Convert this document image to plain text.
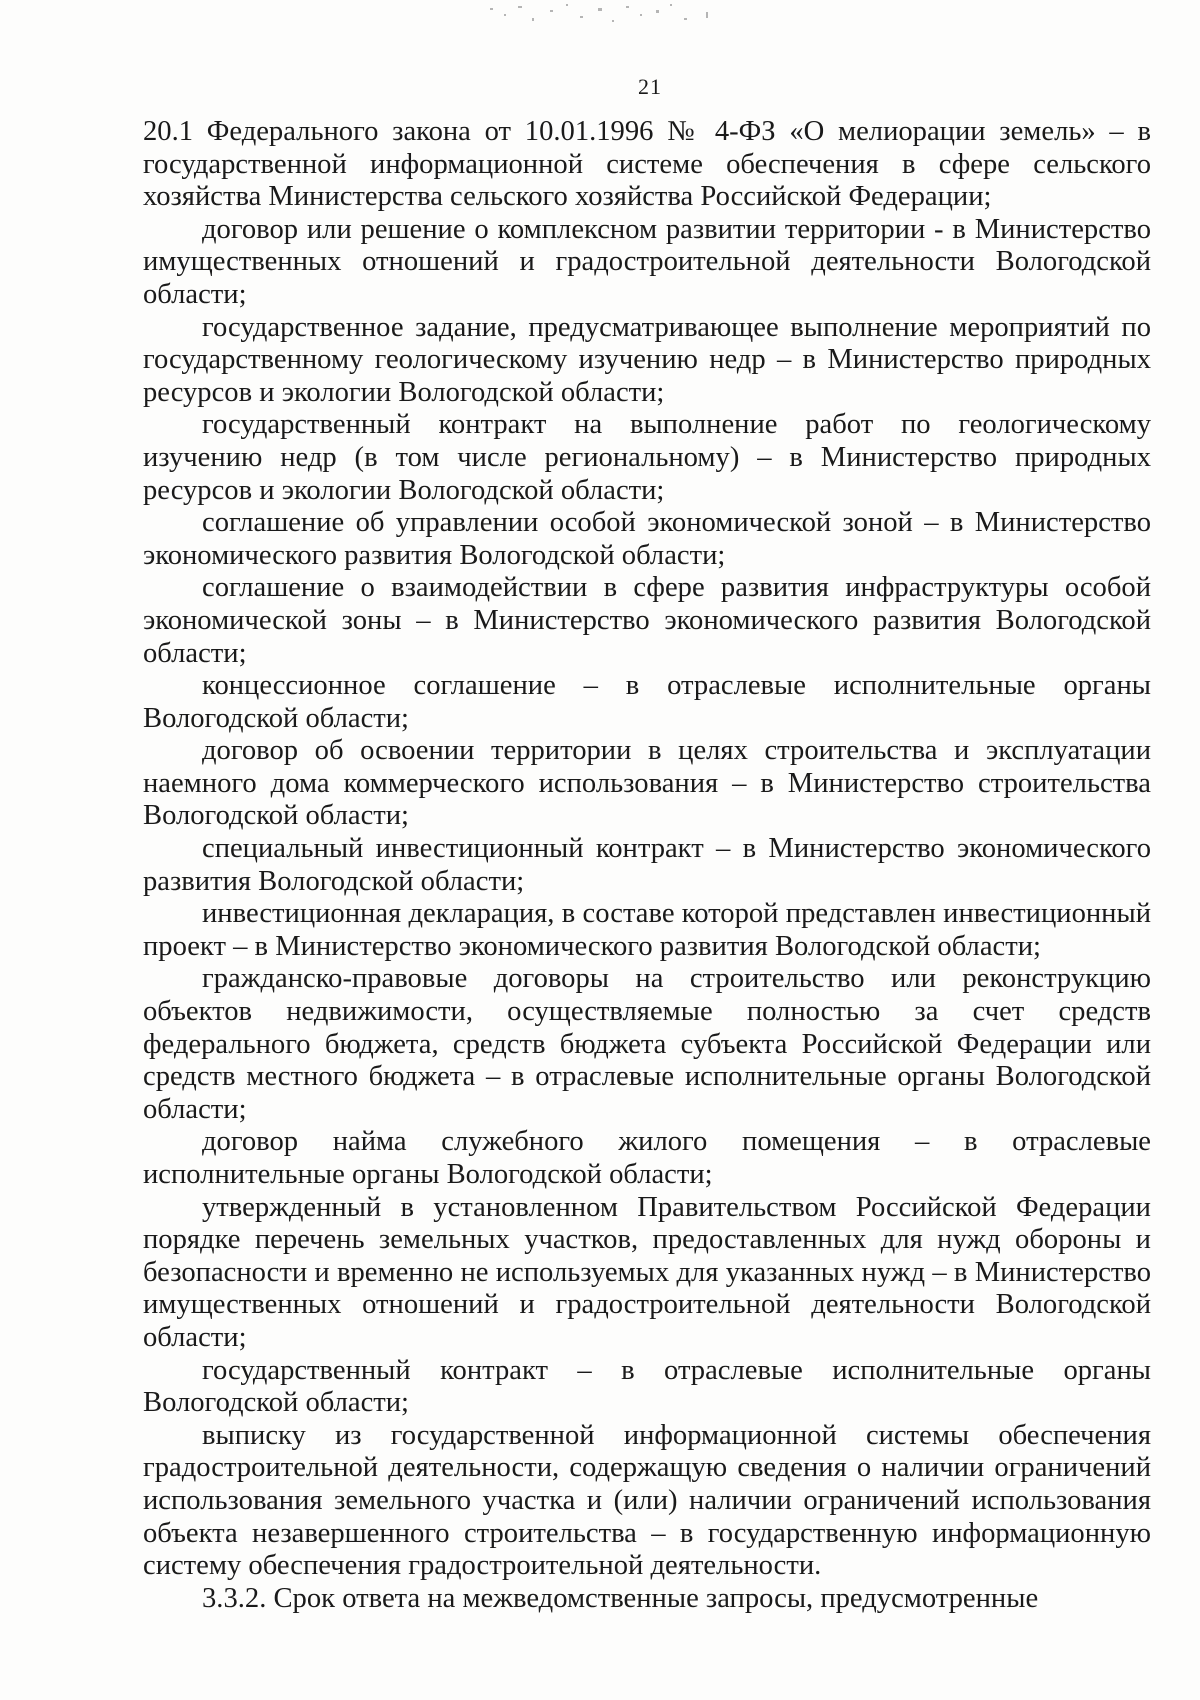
21

20.1 Федерального закона от 10.01.1996 № 4-ФЗ «О мелиорации земель» – в государственной информационной системе обеспечения в сфере сельского хозяйства Министерства сельского хозяйства Российской Федерации;

договор или решение о комплексном развитии территории - в Министерство имущественных отношений и градостроительной деятельности Вологодской области;

государственное задание, предусматривающее выполнение мероприятий по государственному геологическому изучению недр – в Министерство природных ресурсов и экологии Вологодской области;

государственный контракт на выполнение работ по геологическому изучению недр (в том числе региональному) – в Министерство природных ресурсов и экологии Вологодской области;

соглашение об управлении особой экономической зоной – в Министерство экономического развития Вологодской области;

соглашение о взаимодействии в сфере развития инфраструктуры особой экономической зоны – в Министерство экономического развития Вологодской области;

концессионное соглашение – в отраслевые исполнительные органы Вологодской области;

договор об освоении территории в целях строительства и эксплуатации наемного дома коммерческого использования – в Министерство строительства Вологодской области;

специальный инвестиционный контракт – в Министерство экономического развития Вологодской области;

инвестиционная декларация, в составе которой представлен инвестиционный проект – в Министерство экономического развития Вологодской области;

гражданско-правовые договоры на строительство или реконструкцию объектов недвижимости, осуществляемые полностью за счет средств федерального бюджета, средств бюджета субъекта Российской Федерации или средств местного бюджета – в отраслевые исполнительные органы Вологодской области;

договор найма служебного жилого помещения – в отраслевые исполнительные органы Вологодской области;

утвержденный в установленном Правительством Российской Федерации порядке перечень земельных участков, предоставленных для нужд обороны и безопасности и временно не используемых для указанных нужд – в Министерство имущественных отношений и градостроительной деятельности Вологодской области;

государственный контракт – в отраслевые исполнительные органы Вологодской области;

выписку из государственной информационной системы обеспечения градостроительной деятельности, содержащую сведения о наличии ограничений использования земельного участка и (или) наличии ограничений использования объекта незавершенного строительства – в государственную информационную систему обеспечения градостроительной деятельности.

3.3.2. Срок ответа на межведомственные запросы, предусмотренные
